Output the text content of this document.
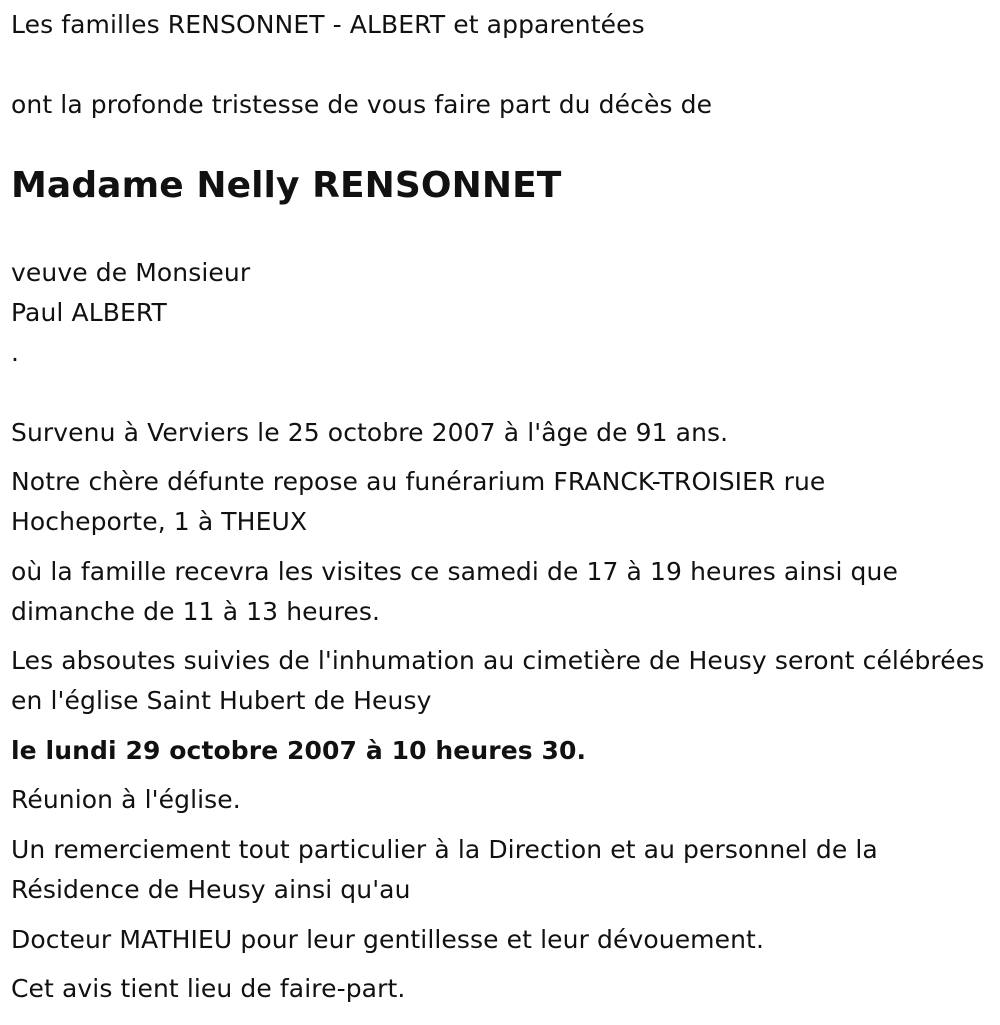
Les familles RENSONNET - ALBERT et apparentées
ont la profonde tristesse de vous faire part du décès de
Madame Nelly RENSONNET
veuve de Monsieur
Paul ALBERT
.
Survenu à Verviers le 25 octobre 2007 à l'âge de 91 ans.
Notre chère défunte repose au funérarium FRANCK-TROISIER rue Hocheporte, 1 à THEUX
où la famille recevra les visites ce samedi de 17 à 19 heures ainsi que dimanche de 11 à 13 heures.
Les absoutes suivies de l'inhumation au cimetière de Heusy seront célébrées en l'église Saint Hubert de Heusy
le lundi 29 octobre 2007 à 10 heures 30.
Réunion à l'église.
Un remerciement tout particulier à la Direction et au personnel de la Résidence de Heusy ainsi qu'au
Docteur MATHIEU pour leur gentillesse et leur dévouement.
Cet avis tient lieu de faire-part.
